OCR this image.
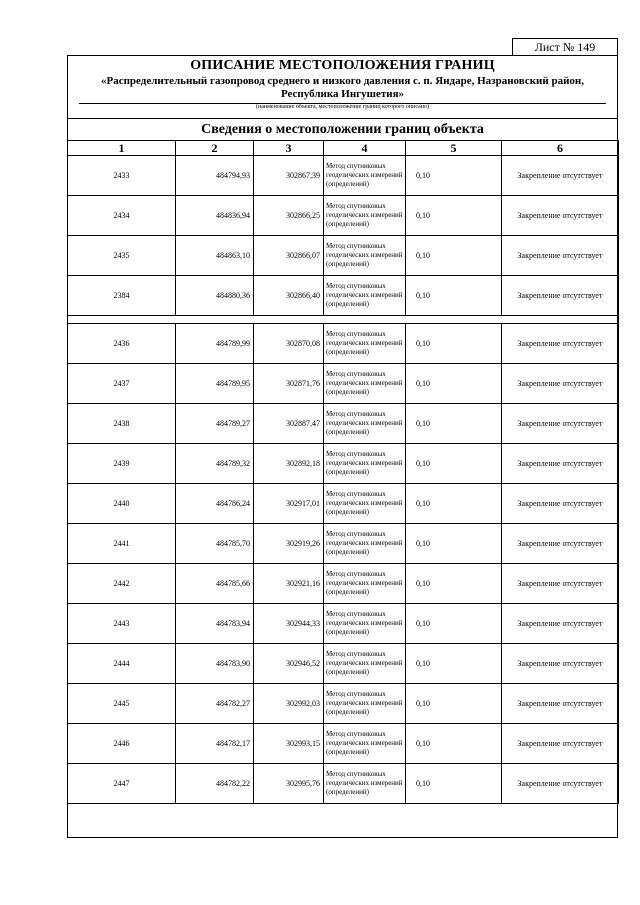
Лист № 149
ОПИСАНИЕ МЕСТОПОЛОЖЕНИЯ ГРАНИЦ
«Распределительный газопровод среднего и низкого давления с. п. Яндаре, Назрановский район, Республика Ингушетия»
(наименование объекта, местоположение границ которого описано)
Сведения о местоположении границ объекта
1	2	3	4	5	6
2433	484794,93	302867,39	Метод спутниковых геодезических измерений (определений)	0,10	Закрепление отсутствует
2434	484836,94	302866,25	Метод спутниковых геодезических измерений (определений)	0,10	Закрепление отсутствует
2435	484863,10	302866,07	Метод спутниковых геодезических измерений (определений)	0,10	Закрепление отсутствует
2384	484880,36	302866,40	Метод спутниковых геодезических измерений (определений)	0,10	Закрепление отсутствует

2436	484789,99	302870,08	Метод спутниковых геодезических измерений (определений)	0,10	Закрепление отсутствует
2437	484789,95	302871,76	Метод спутниковых геодезических измерений (определений)	0,10	Закрепление отсутствует
2438	484789,27	302887,47	Метод спутниковых геодезических измерений (определений)	0,10	Закрепление отсутствует
2439	484789,32	302892,18	Метод спутниковых геодезических измерений (определений)	0,10	Закрепление отсутствует
2440	484786,24	302917,01	Метод спутниковых геодезических измерений (определений)	0,10	Закрепление отсутствует
2441	484785,70	302919,26	Метод спутниковых геодезических измерений (определений)	0,10	Закрепление отсутствует
2442	484785,66	302921,16	Метод спутниковых геодезических измерений (определений)	0,10	Закрепление отсутствует
2443	484783,94	302944,33	Метод спутниковых геодезических измерений (определений)	0,10	Закрепление отсутствует
2444	484783,90	302946,52	Метод спутниковых геодезических измерений (определений)	0,10	Закрепление отсутствует
2445	484782,27	302992,03	Метод спутниковых геодезических измерений (определений)	0,10	Закрепление отсутствует
2446	484782,17	302993,15	Метод спутниковых геодезических измерений (определений)	0,10	Закрепление отсутствует
2447	484782,22	302995,76	Метод спутниковых геодезических измерений (определений)	0,10	Закрепление отсутствует
